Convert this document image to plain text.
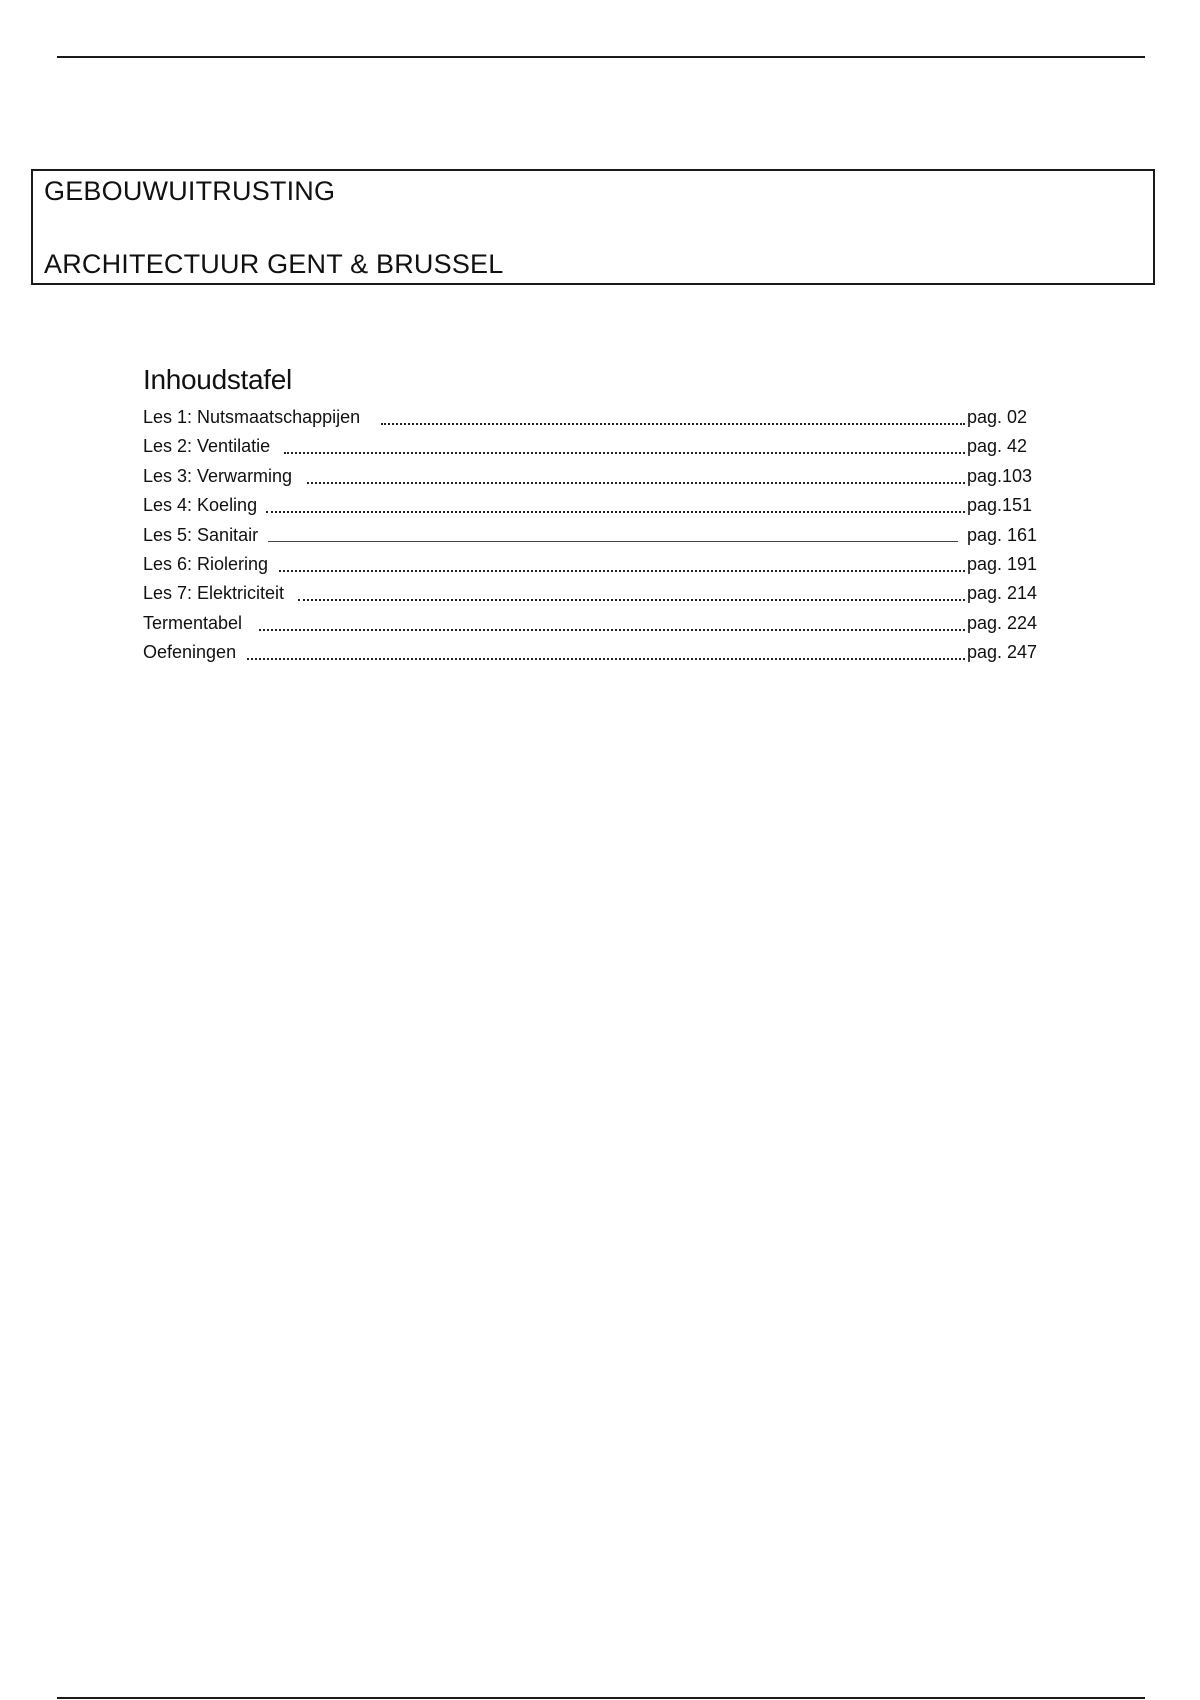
GEBOUWUITRUSTING
ARCHITECTUUR GENT & BRUSSEL
Inhoudstafel
Les 1: Nutsmaatschappijen	pag. 02
Les 2: Ventilatie	pag. 42
Les 3: Verwarming	pag.103
Les 4: Koeling	pag.151
Les 5: Sanitair	pag. 161
Les 6: Riolering	pag. 191
Les 7: Elektriciteit	pag. 214
Termentabel	pag. 224
Oefeningen	pag. 247
